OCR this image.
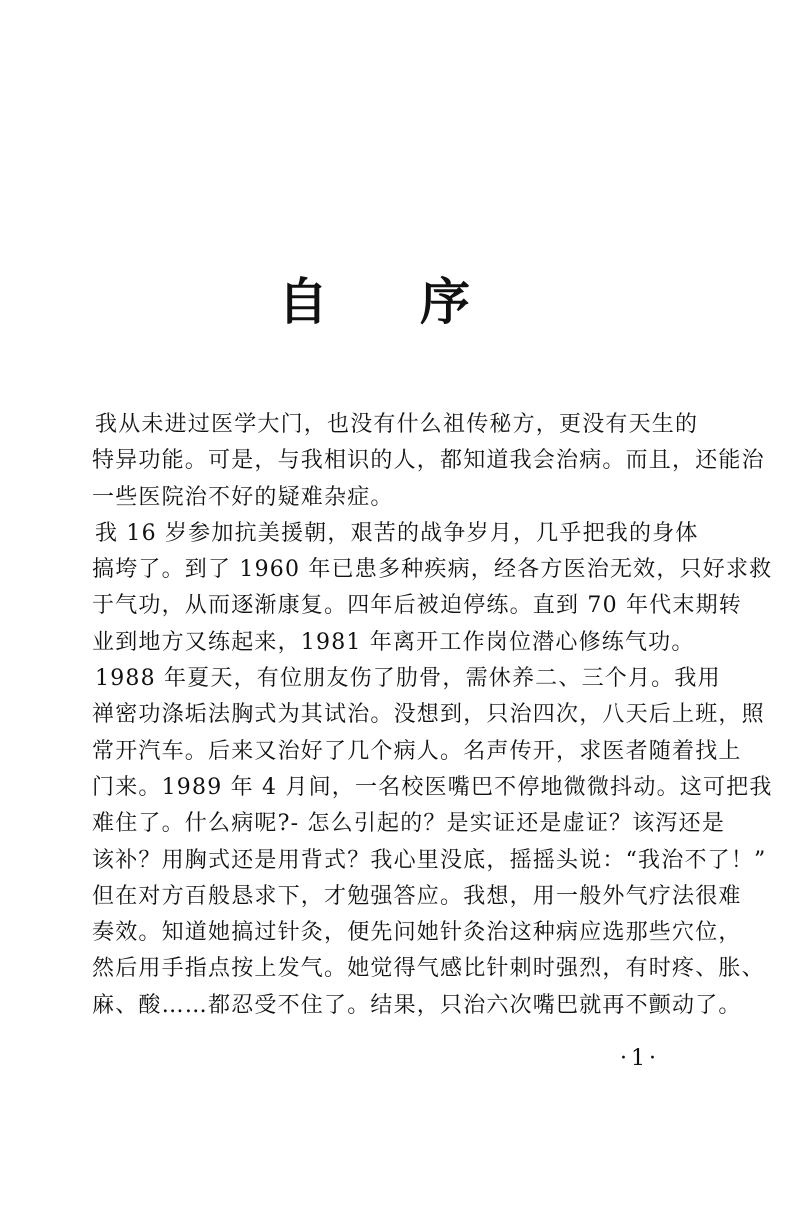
自 序

我从未进过医学大门，也没有什么祖传秘方，更没有天生的
特异功能。可是，与我相识的人，都知道我会治病。而且，还能治
一些医院治不好的疑难杂症。

我 16 岁参加抗美援朝，艰苦的战争岁月，几乎把我的身体
搞垮了。到了 1960 年已患多种疾病，经各方医治无效，只好求救
于气功，从而逐渐康复。四年后被迫停练。直到 70 年代末期转
业到地方又练起来，1981 年离开工作岗位潜心修练气功。

1988 年夏天，有位朋友伤了肋骨，需休养二、三个月。我用
禅密功涤垢法胸式为其试治。没想到，只治四次，八天后上班，照
常开汽车。后来又治好了几个病人。名声传开，求医者随着找上
门来。1989 年 4 月间，一名校医嘴巴不停地微微抖动。这可把我
难住了。什么病呢?- 怎么引起的？是实证还是虚证？该泻还是
该补？用胸式还是用背式？我心里没底，摇摇头说：“我治不了！”
但在对方百般恳求下，才勉强答应。我想，用一般外气疗法很难
奏效。知道她搞过针灸，便先问她针灸治这种病应选那些穴位，
然后用手指点按上发气。她觉得气感比针刺时强烈，有时疼、胀、
麻、酸……都忍受不住了。结果，只治六次嘴巴就再不颤动了。

·1·
